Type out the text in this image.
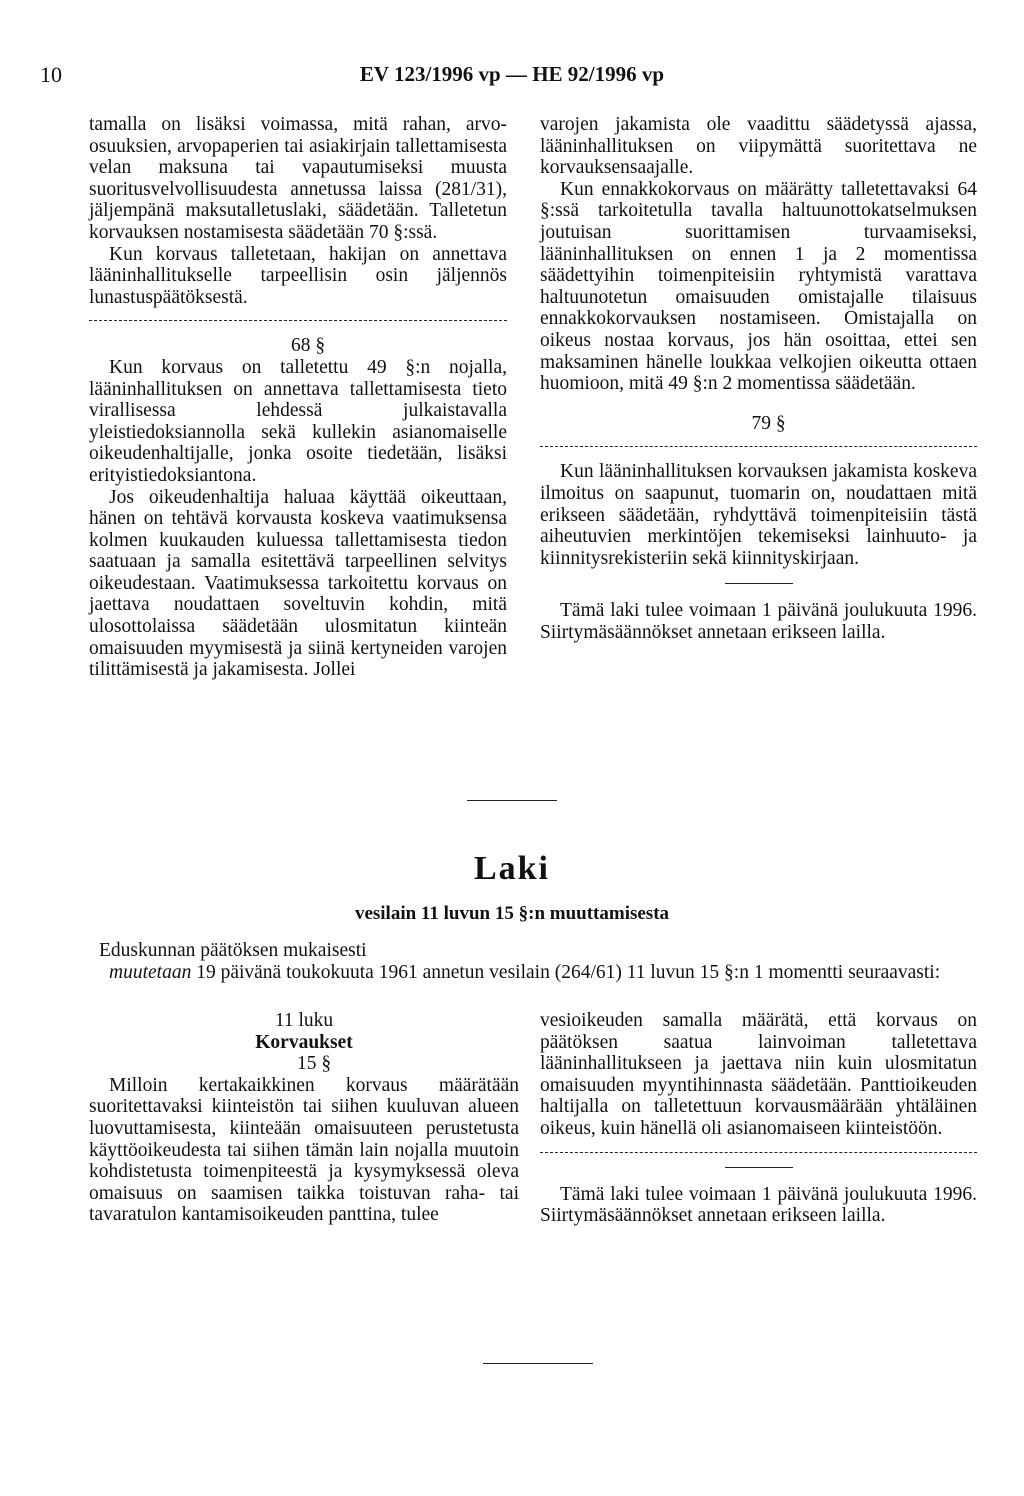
10	EV 123/1996 vp — HE 92/1996 vp

tamalla on lisäksi voimassa, mitä rahan, arvo-osuuksien, arvopaperien tai asiakirjain tallettamisesta velan maksuna tai vapautumiseksi muusta suoritusvelvollisuudesta annetussa laissa (281/31), jäljempänä maksutalletuslaki, säädetään. Talletetun korvauksen nostamisesta säädetään 70 §:ssä.

Kun korvaus talletetaan, hakijan on annettava lääninhallitukselle tarpeellisin osin jäljennös lunastuspäätöksestä.

68 §

Kun korvaus on talletettu 49 §:n nojalla, lääninhallituksen on annettava tallettamisesta tieto virallisessa lehdessä julkaistavalla yleistiedoksiannolla sekä kullekin asianomaiselle oikeudenhaltijalle, jonka osoite tiedetään, lisäksi erityistiedoksiantona.

Jos oikeudenhaltija haluaa käyttää oikeuttaan, hänen on tehtävä korvausta koskeva vaatimuksensa kolmen kuukauden kuluessa tallettamisesta tiedon saatuaan ja samalla esitettävä tarpeellinen selvitys oikeudestaan. Vaatimuksessa tarkoitettu korvaus on jaettava noudattaen soveltuvin kohdin, mitä ulosottolaissa säädetään ulosmitatun kiinteän omaisuuden myymisestä ja siinä kertyneiden varojen tilittämisestä ja jakamisesta. Jollei

varojen jakamista ole vaadittu säädetyssä ajassa, lääninhallituksen on viipymättä suoritettava ne korvauksensaajalle.

Kun ennakkokorvaus on määrätty talletettavaksi 64 §:ssä tarkoitetulla tavalla haltuunottokatselmuksen joutuisan suorittamisen turvaamiseksi, lääninhallituksen on ennen 1 ja 2 momentissa säädettyihin toimenpiteisiin ryhtymistä varattava haltuunotetun omaisuuden omistajalle tilaisuus ennakkokorvauksen nostamiseen. Omistajalla on oikeus nostaa korvaus, jos hän osoittaa, ettei sen maksaminen hänelle loukkaa velkojien oikeutta ottaen huomioon, mitä 49 §:n 2 momentissa säädetään.

79 §

Kun lääninhallituksen korvauksen jakamista koskeva ilmoitus on saapunut, tuomarin on, noudattaen mitä erikseen säädetään, ryhdyttävä toimenpiteisiin tästä aiheutuvien merkintöjen tekemiseksi lainhuuto- ja kiinnitysrekisteriin sekä kiinnityskirjaan.

Tämä laki tulee voimaan 1 päivänä joulukuuta 1996. Siirtymäsäännökset annetaan erikseen lailla.

Laki
vesilain 11 luvun 15 §:n muuttamisesta

Eduskunnan päätöksen mukaisesti

muutetaan 19 päivänä toukokuuta 1961 annetun vesilain (264/61) 11 luvun 15 §:n 1 momentti seuraavasti:

11 luku

Korvaukset

15 §

Milloin kertakaikkinen korvaus määrätään suoritettavaksi kiinteistön tai siihen kuuluvan alueen luovuttamisesta, kiinteään omaisuuteen perustetusta käyttöoikeudesta tai siihen tämän lain nojalla muutoin kohdistetusta toimenpiteestä ja kysymyksessä oleva omaisuus on saamisen taikka toistuvan raha- tai tavaratulon kantamisoikeuden panttina, tulee

vesioikeuden samalla määrätä, että korvaus on päätöksen saatua lainvoiman talletettava lääninhallitukseen ja jaettava niin kuin ulosmitatun omaisuuden myyntihinnasta säädetään. Panttioikeuden haltijalla on talletettuun korvausmäärään yhtäläinen oikeus, kuin hänellä oli asianomaiseen kiinteistöön.

Tämä laki tulee voimaan 1 päivänä joulukuuta 1996. Siirtymäsäännökset annetaan erikseen lailla.
